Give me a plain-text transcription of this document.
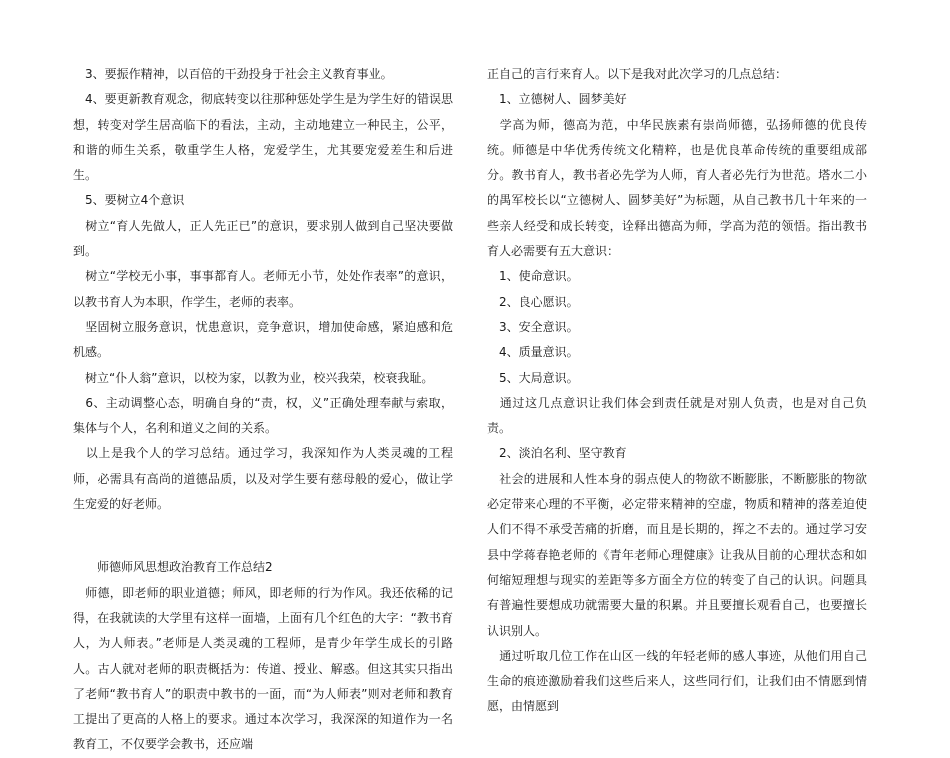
　3、要振作精神，以百倍的干劲投身于社会主义教育事业。

　4、要更新教育观念，彻底转变以往那种惩处学生是为学生好的错误思想，转变对学生居高临下的看法，主动，主动地建立一种民主，公平，和谐的师生关系，敬重学生人格，宠爱学生，尤其要宠爱差生和后进生。

　5、要树立4个意识

　树立“育人先做人，正人先正已”的意识，要求别人做到自己坚决要做到。

　树立“学校无小事，事事都育人。老师无小节，处处作表率”的意识，以教书育人为本职，作学生，老师的表率。

　坚固树立服务意识，忧患意识，竞争意识，增加使命感，紧迫感和危机感。

　树立“仆人翁”意识，以校为家，以教为业，校兴我荣，校衰我耻。

　6、主动调整心态，明确自身的“责，权，义”正确处理奉献与索取，集体与个人，名利和道义之间的关系。

　以上是我个人的学习总结。通过学习，我深知作为人类灵魂的工程师，必需具有高尚的道德品质，以及对学生要有慈母般的爱心，做让学生宠爱的好老师。

　　师德师风思想政治教育工作总结2

　师德，即老师的职业道德；师风，即老师的行为作风。我还依稀的记得，在我就读的大学里有这样一面墙，上面有几个红色的大字：“教书育人，为人师表。”老师是人类灵魂的工程师，是青少年学生成长的引路人。古人就对老师的职责概括为：传道、授业、解惑。但这其实只指出了老师“教书育人”的职责中教书的一面，而“为人师表”则对老师和教育工提出了更高的人格上的要求。通过本次学习，我深深的知道作为一名教育工，不仅要学会教书，还应端

正自己的言行来育人。以下是我对此次学习的几点总结：

　1、立德树人、圆梦美好

　学高为师，德高为范，中华民族素有崇尚师德，弘扬师德的优良传统。师德是中华优秀传统文化精粹，也是优良革命传统的重要组成部分。教书育人，教书者必先学为人师，育人者必先行为世范。塔水二小的禺军校长以“立德树人、圆梦美好”为标题，从自己教书几十年来的一些亲人经受和成长转变，诠释出德高为师，学高为范的领悟。指出教书育人必需要有五大意识：

　1、使命意识。

　2、良心愿识。

　3、安全意识。

　4、质量意识。

　5、大局意识。

　通过这几点意识让我们体会到责任就是对别人负责，也是对自己负责。

　2、淡泊名利、坚守教育

　社会的进展和人性本身的弱点使人的物欲不断膨胀，不断膨胀的物欲必定带来心理的不平衡，必定带来精神的空虚，物质和精神的落差迫使人们不得不承受苦痛的折磨，而且是长期的，挥之不去的。通过学习安县中学蒋春艳老师的《青年老师心理健康》让我从目前的心理状态和如何缩短理想与现实的差距等多方面全方位的转变了自己的认识。问题具有普遍性要想成功就需要大量的积累。并且要擅长观看自己，也要擅长认识别人。

　通过听取几位工作在山区一线的年轻老师的感人事迹，从他们用自己生命的痕迹激励着我们这些后来人，这些同行们，让我们由不情愿到情愿，由情愿到
